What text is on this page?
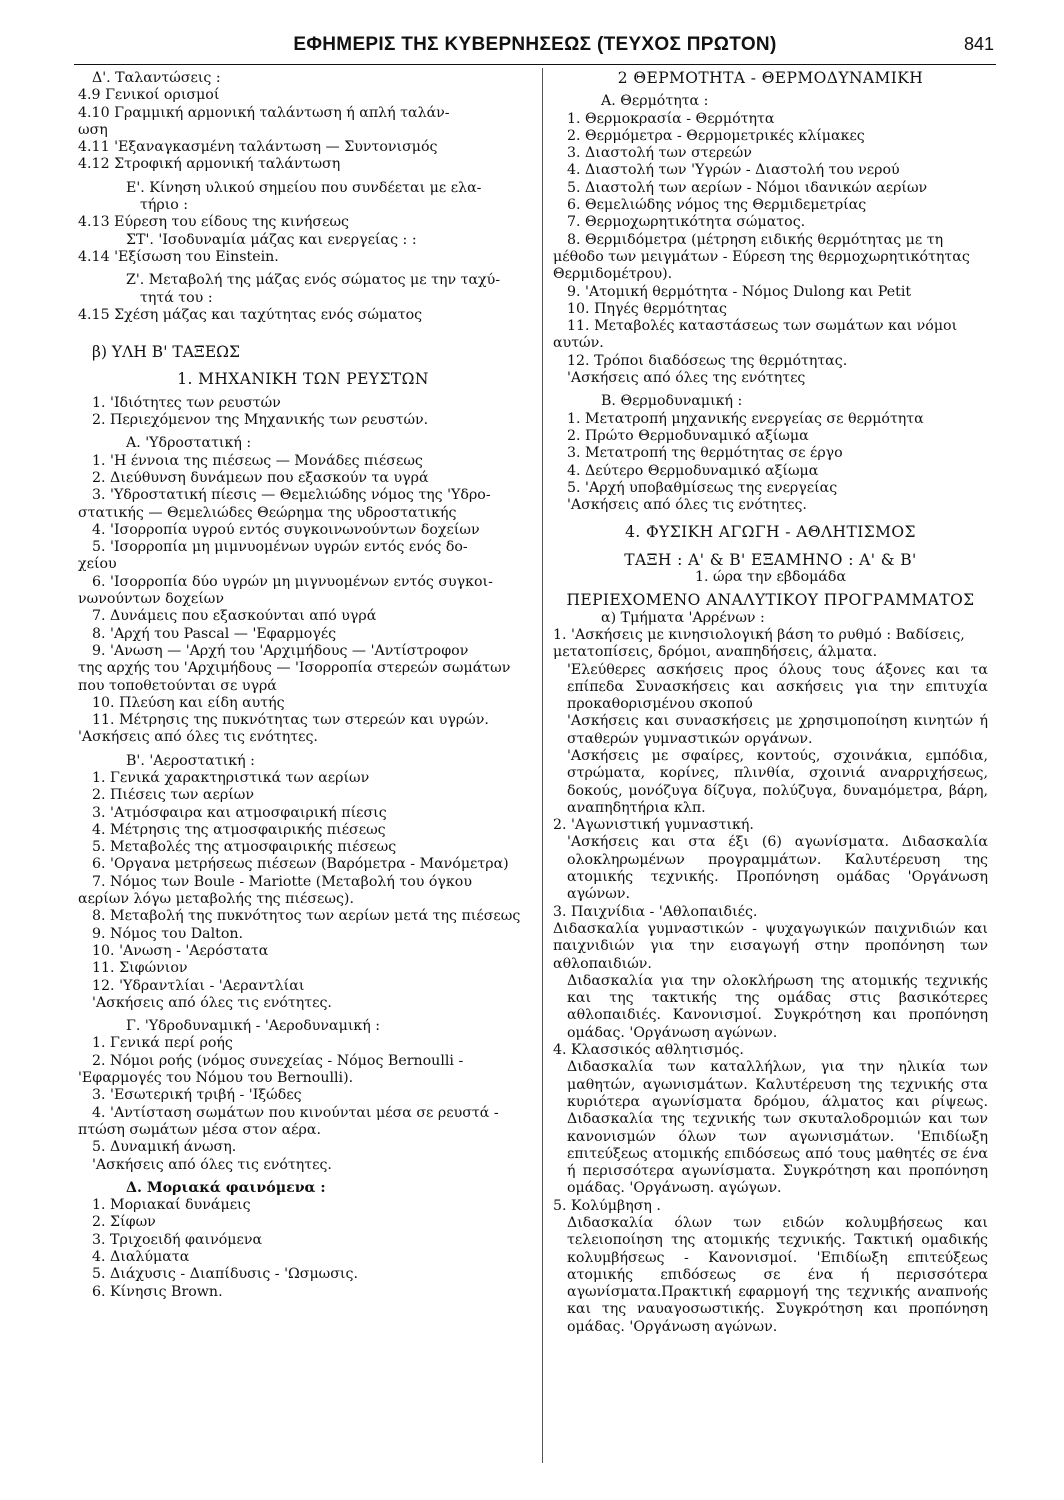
ΕΦΗΜΕΡΙΣ ΤΗΣ ΚΥΒΕΡΝΗΣΕΩΣ (ΤΕΥΧΟΣ ΠΡΩΤΟΝ)	841
Δ'. Ταλαντώσεις :
4.9 Γενικοί ορισμοί
4.10 Γραμμική αρμονική ταλάντωση ή απλή ταλάν-
ωση
4.11 'Εξαναγκασμένη ταλάντωση — Συντονισμός
4.12 Στροφική αρμονική ταλάντωση
Ε'. Κίνηση υλικού σημείου που συνδέεται με ελα-
τήριο :
4.13 Εύρεση του είδους της κινήσεως
ΣΤ'. 'Ισοδυναμία μάζας και ενεργείας : :
4.14 'Εξίσωση του Einstein.
Ζ'. Μεταβολή της μάζας ενός σώματος με την ταχύ-
τητά του :
4.15 Σχέση μάζας και ταχύτητας ενός σώματος
β) ΥΛΗ Β' ΤΑΞΕΩΣ
1. ΜΗΧΑΝΙΚΗ ΤΩΝ ΡΕΥΣΤΩΝ
1. 'Ιδιότητες των ρευστών
2. Περιεχόμενον της Μηχανικής των ρευστών.
Α. 'Υδροστατική :
1. 'Η έννοια της πιέσεως — Μονάδες πιέσεως
2. Διεύθυνση δυνάμεων που εξασκούν τα υγρά
3. 'Υδροστατική πίεσις — Θεμελιώδης νόμος της 'Υδρο-
στατικής — Θεμελιώδες Θεώρημα της υδροστατικής
4. 'Ισορροπία υγρού εντός συγκοινωνούντων δοχείων
5. 'Ισορροπία μη μιμνυομένων υγρών εντός ενός δο-
χείου
6. 'Ισορροπία δύο υγρών μη μιγνυομένων εντός συγκοι-
νωνούντων δοχείων
7. Δυνάμεις που εξασκούνται από υγρά
8. 'Αρχή του Pascal — 'Εφαρμογές
9. 'Ανωση — 'Αρχή του 'Αρχιμήδους — 'Αντίστροφον
της αρχής του 'Αρχιμήδους — 'Ισορροπία στερεών σωμάτων
που τοποθετούνται σε υγρά
10. Πλεύση και είδη αυτής
11. Μέτρησις της πυκνότητας των στερεών και υγρών.
'Ασκήσεις από όλες τις ενότητες.
Β'. 'Αεροστατική :
1. Γενικά χαρακτηριστικά των αερίων
2. Πιέσεις των αερίων
3. 'Ατμόσφαιρα και ατμοσφαιρική πίεσις
4. Μέτρησις της ατμοσφαιρικής πιέσεως
5. Μεταβολές της ατμοσφαιρικής πιέσεως
6. 'Οργανα μετρήσεως πιέσεων (Βαρόμετρα - Μανόμετρα)
7. Νόμος των Boule - Mariotte (Μεταβολή του όγκου
αερίων λόγω μεταβολής της πιέσεως).
8. Μεταβολή της πυκνότητος των αερίων μετά της πιέσεως
9. Νόμος του Dalton.
10. 'Ανωση - 'Αερόστατα
11. Σιφώνιον
12. 'Υδραντλίαι - 'Αεραντλίαι
'Ασκήσεις από όλες τις ενότητες.
Γ. 'Υδροδυναμική - 'Αεροδυναμική :
1. Γενικά περί ροής
2. Νόμοι ροής (νόμος συνεχείας - Νόμος Bernoulli -
'Εφαρμογές του Νόμου του Bernoulli).
3. 'Εσωτερική τριβή - 'Ιξώδες
4. 'Αντίσταση σωμάτων που κινούνται μέσα σε ρευστά -
πτώση σωμάτων μέσα στον αέρα.
5. Δυναμική άνωση.
'Ασκήσεις από όλες τις ενότητες.
Δ. Μοριακά φαινόμενα :
1. Μοριακαί δυνάμεις
2. Σίφων
3. Τριχοειδή φαινόμενα
4. Διαλύματα
5. Διάχυσις - Διαπίδυσις - 'Ωσμωσις.
6. Κίνησις Brown.
2 ΘΕΡΜΟΤΗΤΑ - ΘΕΡΜΟΔΥΝΑΜΙΚΗ
Α. Θερμότητα :
1. Θερμοκρασία - Θερμότητα
2. Θερμόμετρα - Θερμομετρικές κλίμακες
3. Διαστολή των στερεών
4. Διαστολή των 'Υγρών - Διαστολή του νερού
5. Διαστολή των αερίων - Νόμοι ιδανικών αερίων
6. Θεμελιώδης νόμος της Θερμιδεμετρίας
7. Θερμοχωρητικότητα σώματος.
8. Θερμιδόμετρα (μέτρηση ειδικής θερμότητας με τη
μέθοδο των μειγμάτων - Εύρεση της θερμοχωρητικότητας
Θερμιδομέτρου).
9. 'Ατομική θερμότητα - Νόμος Dulong και Petit
10. Πηγές θερμότητας
11. Μεταβολές καταστάσεως των σωμάτων και νόμοι
αυτών.
12. Τρόποι διαδόσεως της θερμότητας.
'Ασκήσεις από όλες της ενότητες
Β. Θερμοδυναμική :
1. Μετατροπή μηχανικής ενεργείας σε θερμότητα
2. Πρώτο Θερμοδυναμικό αξίωμα
3. Μετατροπή της θερμότητας σε έργο
4. Δεύτερο Θερμοδυναμικό αξίωμα
5. 'Αρχή υποβαθμίσεως της ενεργείας
'Ασκήσεις από όλες τις ενότητες.
4. ΦΥΣΙΚΗ ΑΓΩΓΗ - ΑΘΛΗΤΙΣΜΟΣ
ΤΑΞΗ : Α' & Β' ΕΞΑΜΗΝΟ : Α' & Β'
1. ώρα την εβδομάδα
ΠΕΡΙΕΧΟΜΕΝΟ ΑΝΑΛΥΤΙΚΟΥ ΠΡΟΓΡΑΜΜΑΤΟΣ
α) Τμήματα 'Αρρένων :
1. 'Ασκήσεις με κινησιολογική βάση το ρυθμό : Βαδίσεις,
μετατοπίσεις, δρόμοι, αναπηδήσεις, άλματα.
'Ελεύθερες ασκήσεις προς όλους τους άξονες και τα επίπεδα Συνασκήσεις και ασκήσεις για την επιτυχία προκαθορισμένου σκοπού
'Ασκήσεις και συνασκήσεις με χρησιμοποίηση κινητών ή σταθερών γυμναστικών οργάνων.
'Ασκήσεις με σφαίρες, κοντούς, σχοινάκια, εμπόδια, στρώματα, κορίνες, πλινθία, σχοινιά αναρριχήσεως, δοκούς, μονόζυγα δίζυγα, πολύζυγα, δυναμόμετρα, βάρη, αναπηδητήρια κλπ.
2. 'Αγωνιστική γυμναστική.
'Ασκήσεις και στα έξι (6) αγωνίσματα. Διδασκαλία ολοκληρωμένων προγραμμάτων. Καλυτέρευση της ατομικής τεχνικής. Προπόνηση ομάδας 'Οργάνωση αγώνων.
3. Παιχνίδια - 'Αθλοπαιδιές.
Διδασκαλία γυμναστικών - ψυχαγωγικών παιχνιδιών και παιχνιδιών για την εισαγωγή στην προπόνηση των αθλοπαιδιών.
Διδασκαλία για την ολοκλήρωση της ατομικής τεχνικής και της τακτικής της ομάδας στις βασικότερες αθλοπαιδιές. Κανονισμοί. Συγκρότηση και προπόνηση ομάδας. 'Οργάνωση αγώνων.
4. Κλασσικός αθλητισμός.
Διδασκαλία των καταλλήλων, για την ηλικία των μαθητών, αγωνισμάτων. Καλυτέρευση της τεχνικής στα κυριότερα αγωνίσματα δρόμου, άλματος και ρίψεως. Διδασκαλία της τεχνικής των σκυταλοδρομιών και των κανονισμών όλων των αγωνισμάτων. 'Επιδίωξη επιτεύξεως ατομικής επιδόσεως από τους μαθητές σε ένα ή περισσότερα αγωνίσματα. Συγκρότηση και προπόνηση ομάδας. 'Οργάνωση. αγώγων.
5. Κολύμβηση .
Διδασκαλία όλων των ειδών κολυμβήσεως και τελειοποίηση της ατομικής τεχνικής. Τακτική ομαδικής κολυμβήσεως - Κανονισμοί. 'Επιδίωξη επιτεύξεως ατομικής επιδόσεως σε ένα ή περισσότερα αγωνίσματα.Πρακτική εφαρμογή της τεχνικής αναπνοής και της ναυαγοσωστικής. Συγκρότηση και προπόνηση ομάδας. 'Οργάνωση αγώνων.
